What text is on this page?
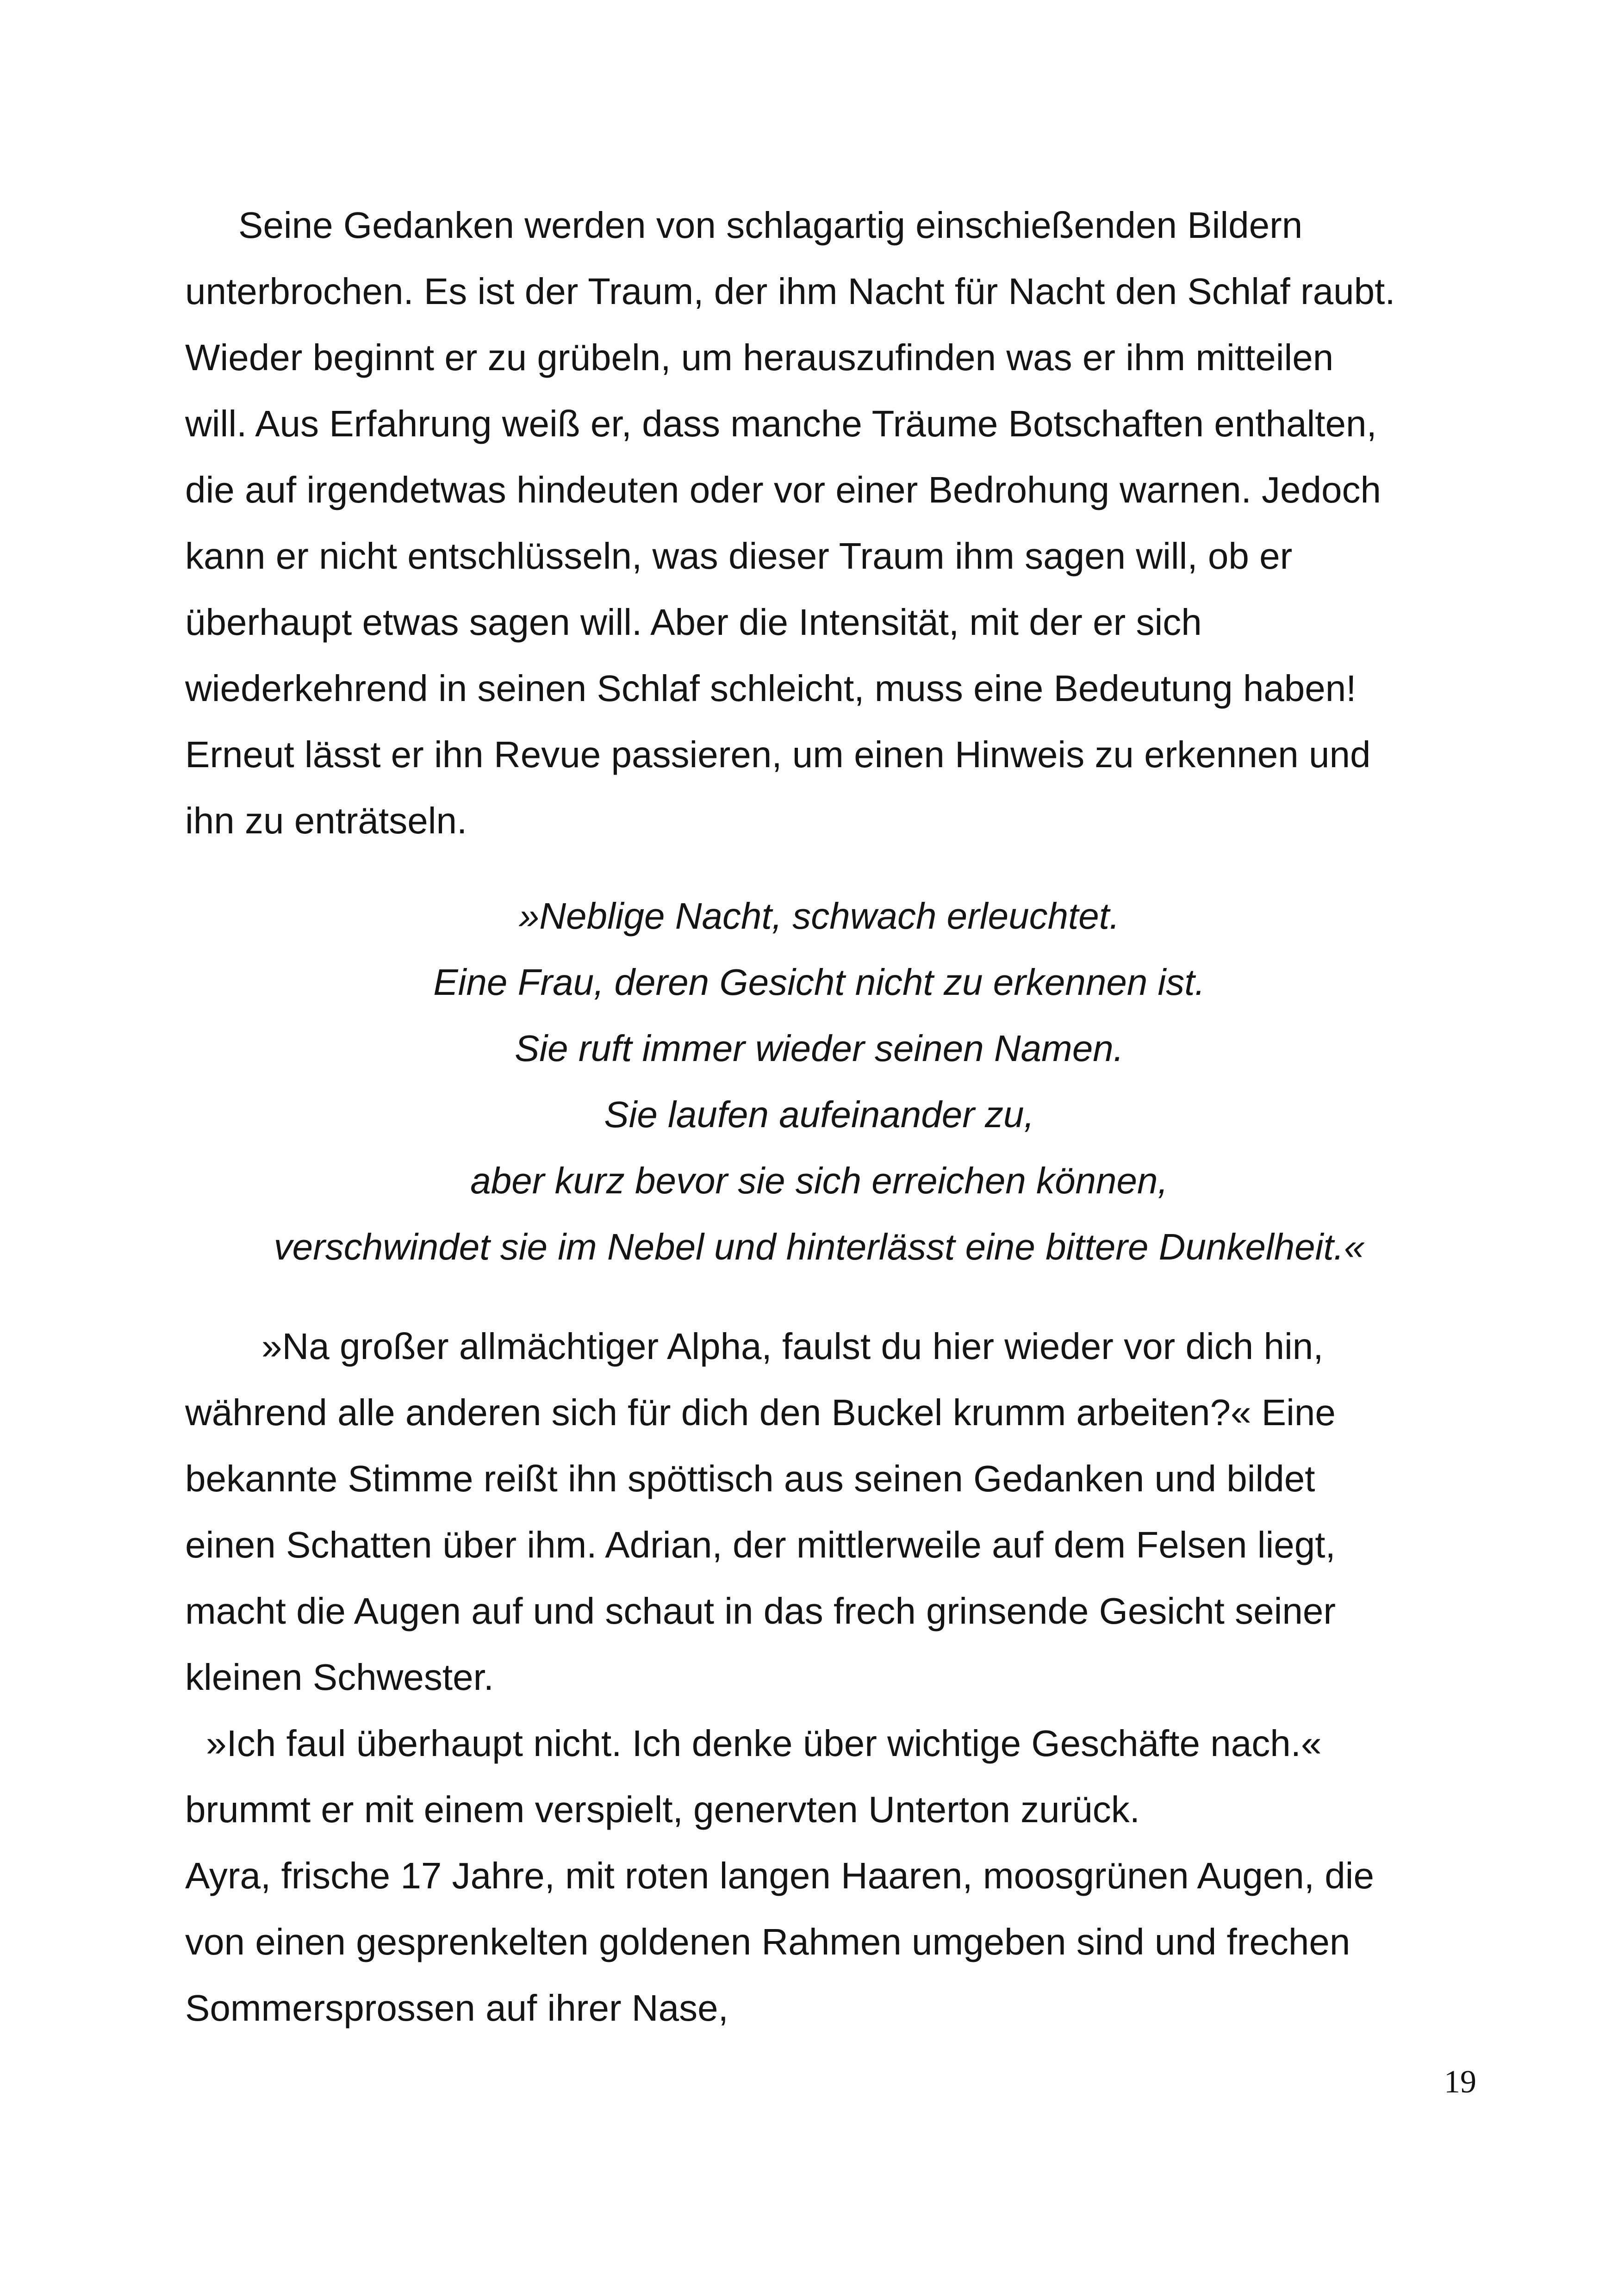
Seine Gedanken werden von schlagartig einschießenden Bildern
unterbrochen. Es ist der Traum, der ihm Nacht für Nacht den Schlaf raubt.
Wieder beginnt er zu grübeln, um herauszufinden was er ihm mitteilen
will. Aus Erfahrung weiß er, dass manche Träume Botschaften enthalten,
die auf irgendetwas hindeuten oder vor einer Bedrohung warnen. Jedoch
kann er nicht entschlüsseln, was dieser Traum ihm sagen will, ob er
überhaupt etwas sagen will. Aber die Intensität, mit der er sich
wiederkehrend in seinen Schlaf schleicht, muss eine Bedeutung haben!
Erneut lässt er ihn Revue passieren, um einen Hinweis zu erkennen und
ihn zu enträtseln.
»Neblige Nacht, schwach erleuchtet.
Eine Frau, deren Gesicht nicht zu erkennen ist.
Sie ruft immer wieder seinen Namen.
Sie laufen aufeinander zu,
aber kurz bevor sie sich erreichen können,
verschwindet sie im Nebel und hinterlässt eine bittere Dunkelheit.«
»Na großer allmächtiger Alpha, faulst du hier wieder vor dich hin,
während alle anderen sich für dich den Buckel krumm arbeiten?« Eine
bekannte Stimme reißt ihn spöttisch aus seinen Gedanken und bildet
einen Schatten über ihm. Adrian, der mittlerweile auf dem Felsen liegt,
macht die Augen auf und schaut in das frech grinsende Gesicht seiner
kleinen Schwester.
»Ich faul überhaupt nicht. Ich denke über wichtige Geschäfte nach.«
brummt er mit einem verspielt, genervten Unterton zurück.
Ayra, frische 17 Jahre, mit roten langen Haaren, moosgrünen Augen, die
von einen gesprenkelten goldenen Rahmen umgeben sind und frechen
Sommersprossen auf ihrer Nase,
19
